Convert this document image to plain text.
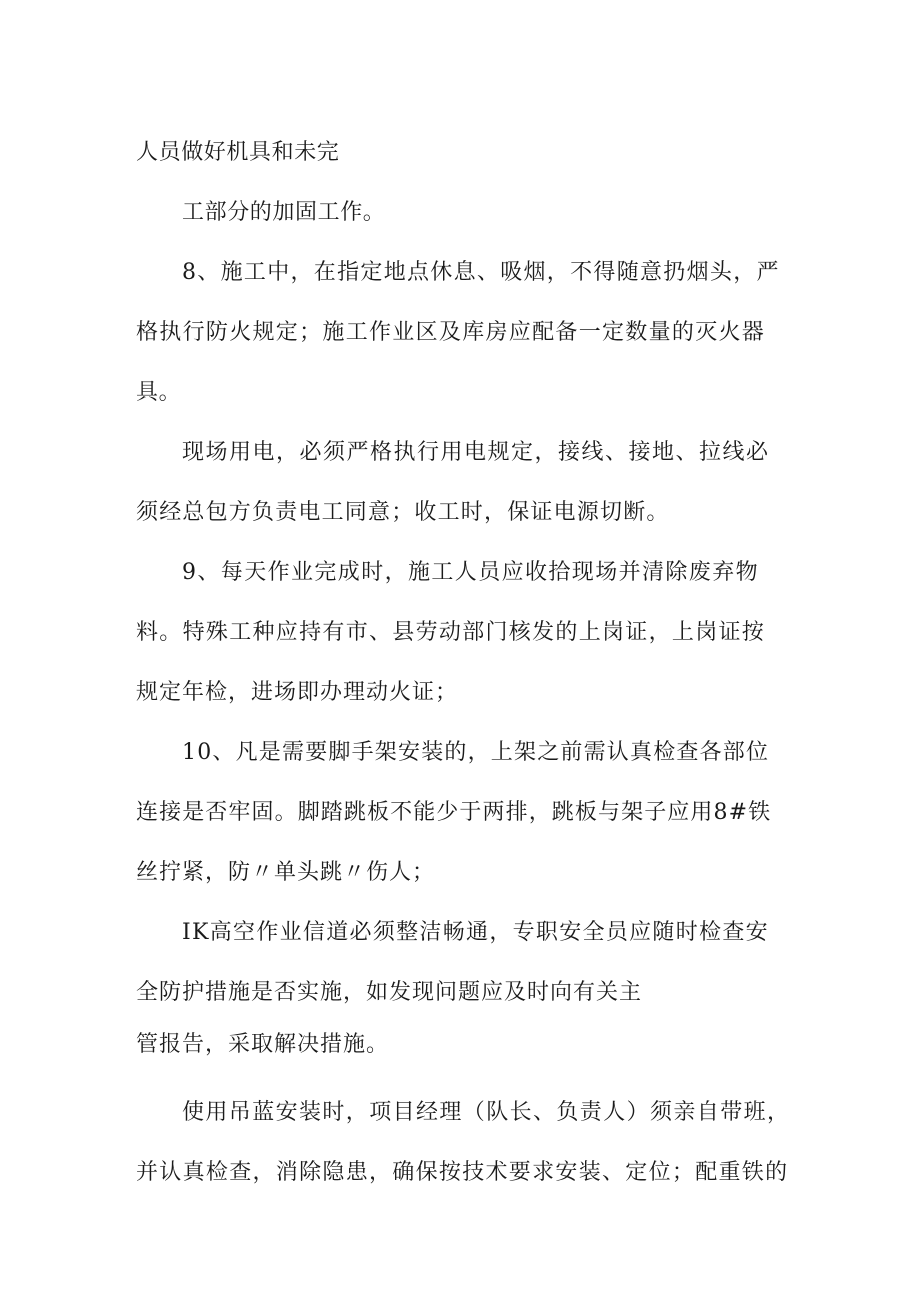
人员做好机具和未完

工部分的加固工作。

8、施工中，在指定地点休息、吸烟，不得随意扔烟头，严

格执行防火规定；施工作业区及库房应配备一定数量的灭火器

具。

现场用电，必须严格执行用电规定，接线、接地、拉线必

须经总包方负责电工同意；收工时，保证电源切断。

9、每天作业完成时，施工人员应收拾现场并清除废弃物

料。特殊工种应持有市、县劳动部门核发的上岗证，上岗证按

规定年检，进场即办理动火证；

10、凡是需要脚手架安装的，上架之前需认真检查各部位

连接是否牢固。脚踏跳板不能少于两排，跳板与架子应用8#铁

丝拧紧，防〃单头跳〃伤人；

IK高空作业信道必须整洁畅通，专职安全员应随时检查安

全防护措施是否实施，如发现问题应及时向有关主

管报告，采取解决措施。

使用吊蓝安装时，项目经理（队长、负责人）须亲自带班，

并认真检查，消除隐患，确保按技术要求安装、定位；配重铁的
